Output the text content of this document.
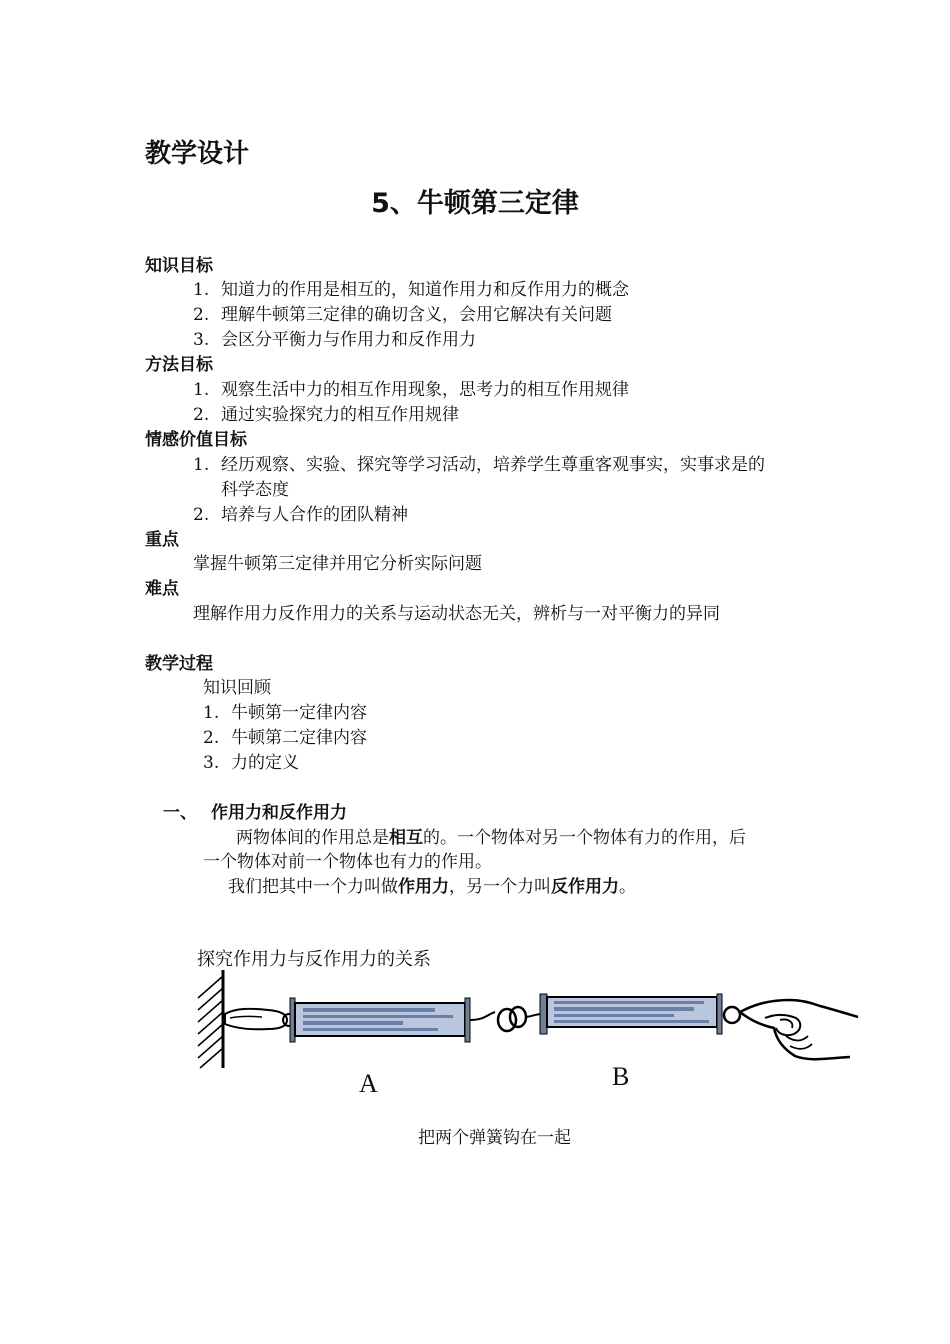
教学设计
5、牛顿第三定律
知识目标
1. 知道力的作用是相互的，知道作用力和反作用力的概念
2. 理解牛顿第三定律的确切含义，会用它解决有关问题
3. 会区分平衡力与作用力和反作用力
方法目标
1. 观察生活中力的相互作用现象，思考力的相互作用规律
2. 通过实验探究力的相互作用规律
情感价值目标
1. 经历观察、实验、探究等学习活动，培养学生尊重客观事实，实事求是的
科学态度
2. 培养与人合作的团队精神
重点
掌握牛顿第三定律并用它分析实际问题
难点
理解作用力反作用力的关系与运动状态无关，辨析与一对平衡力的异同
教学过程
知识回顾
1. 牛顿第一定律内容
2. 牛顿第二定律内容
3. 力的定义
一、 作用力和反作用力
两物体间的作用总是相互的。一个物体对另一个物体有力的作用，后
一个物体对前一个物体也有力的作用。
我们把其中一个力叫做作用力，另一个力叫反作用力。
探究作用力与反作用力的关系
A	B
把两个弹簧钩在一起
